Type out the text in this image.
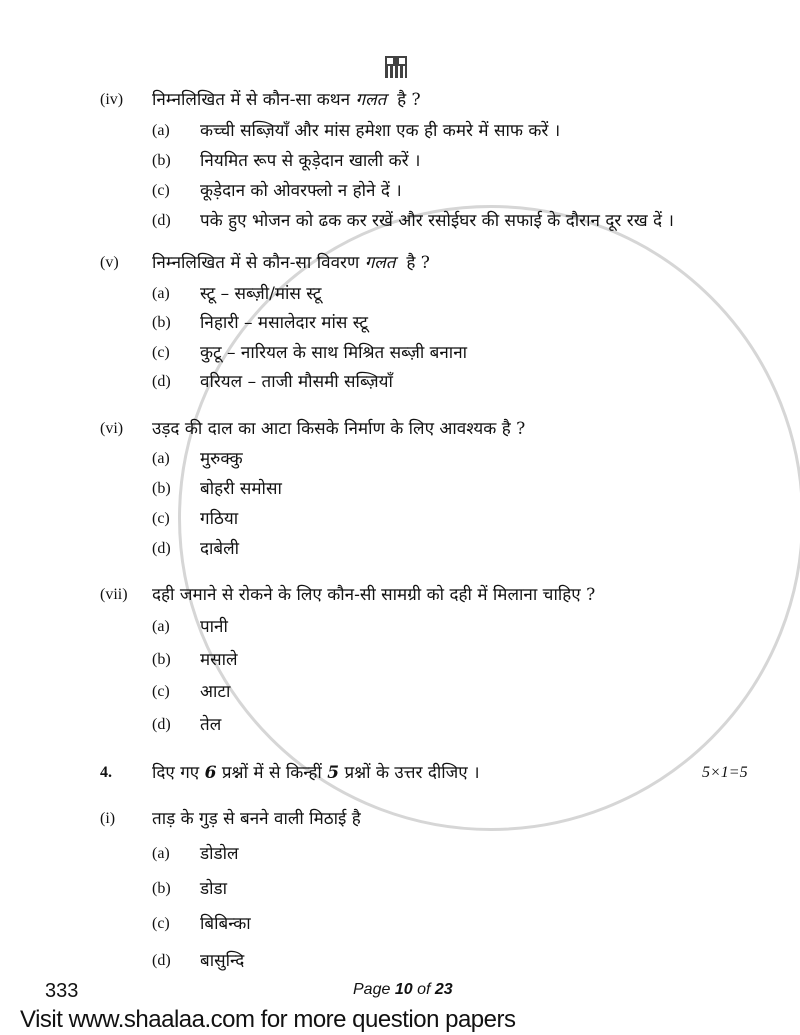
(iv) निम्नलिखित में से कौन-सा कथन गलत है ?
(a) कच्ची सब्ज़ियाँ और मांस हमेशा एक ही कमरे में साफ करें ।
(b) नियमित रूप से कूड़ेदान खाली करें ।
(c) कूड़ेदान को ओवरफ्लो न होने दें ।
(d) पके हुए भोजन को ढक कर रखें और रसोईघर की सफाई के दौरान दूर रख दें ।
(v) निम्नलिखित में से कौन-सा विवरण गलत है ?
(a) स्टू – सब्ज़ी/मांस स्टू
(b) निहारी – मसालेदार मांस स्टू
(c) कुटू – नारियल के साथ मिश्रित सब्ज़ी बनाना
(d) वरियल – ताजी मौसमी सब्ज़ियाँ
(vi) उड़द की दाल का आटा किसके निर्माण के लिए आवश्यक है ?
(a) मुरुक्कु
(b) बोहरी समोसा
(c) गठिया
(d) दाबेली
(vii) दही जमाने से रोकने के लिए कौन-सी सामग्री को दही में मिलाना चाहिए ?
(a) पानी
(b) मसाले
(c) आटा
(d) तेल
4. दिए गए 6 प्रश्नों में से किन्हीं 5 प्रश्नों के उत्तर दीजिए ।	5×1=5
(i) ताड़ के गुड़ से बनने वाली मिठाई है
(a) डोडोल
(b) डोडा
(c) बिबिन्का
(d) बासुन्दि
333	Page 10 of 23
Visit www.shaalaa.com for more question papers
